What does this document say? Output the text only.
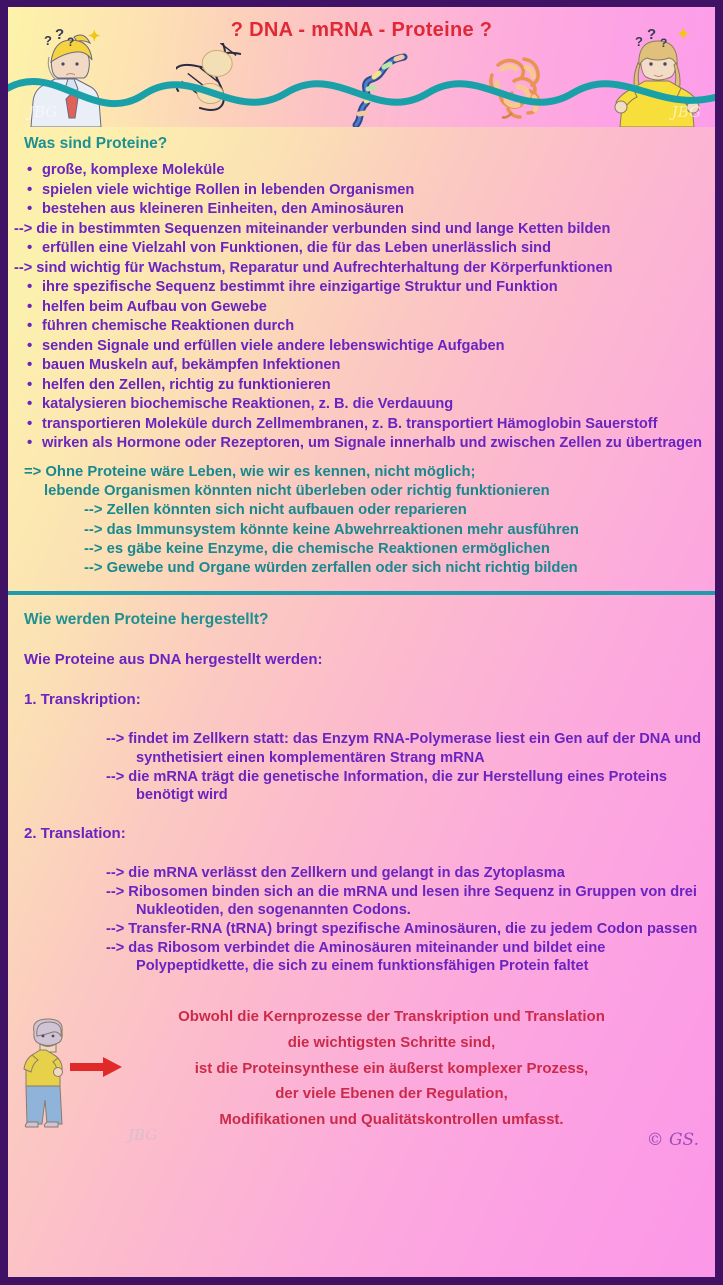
? DNA - mRNA - Proteine ?
? ? ? ✦	? ? ? ✦
JBG	JBG
Was sind Proteine?
• große, komplexe Moleküle
• spielen viele wichtige Rollen in lebenden Organismen
• bestehen aus kleineren Einheiten, den Aminosäuren
• --> die in bestimmten Sequenzen miteinander verbunden sind und lange Ketten bilden
• erfüllen eine Vielzahl von Funktionen, die für das Leben unerlässlich sind
• --> sind wichtig für Wachstum, Reparatur und Aufrechterhaltung der Körperfunktionen
• ihre spezifische Sequenz bestimmt ihre einzigartige Struktur und Funktion
• helfen beim Aufbau von Gewebe
• führen chemische Reaktionen durch
• senden Signale und erfüllen viele andere lebenswichtige Aufgaben
• bauen Muskeln auf, bekämpfen Infektionen
• helfen den Zellen, richtig zu funktionieren
• katalysieren biochemische Reaktionen, z. B. die Verdauung
• transportieren Moleküle durch Zellmembranen, z. B. transportiert Hämoglobin Sauerstoff
• wirken als Hormone oder Rezeptoren, um Signale innerhalb und zwischen Zellen zu übertragen
=> Ohne Proteine wäre Leben, wie wir es kennen, nicht möglich;
lebende Organismen könnten nicht überleben oder richtig funktionieren
--> Zellen könnten sich nicht aufbauen oder reparieren
--> das Immunsystem könnte keine Abwehrreaktionen mehr ausführen
--> es gäbe keine Enzyme, die chemische Reaktionen ermöglichen
--> Gewebe und Organe würden zerfallen oder sich nicht richtig bilden
Wie werden Proteine hergestellt?
Wie Proteine aus DNA hergestellt werden:
1. Transkription:
--> findet im Zellkern statt: das Enzym RNA-Polymerase liest ein Gen auf der DNA und synthetisiert einen komplementären Strang mRNA
--> die mRNA trägt die genetische Information, die zur Herstellung eines Proteins benötigt wird
2. Translation:
--> die mRNA verlässt den Zellkern und gelangt in das Zytoplasma
--> Ribosomen binden sich an die mRNA und lesen ihre Sequenz in Gruppen von drei Nukleotiden, den sogenannten Codons.
--> Transfer-RNA (tRNA) bringt spezifische Aminosäuren, die zu jedem Codon passen
--> das Ribosom verbindet die Aminosäuren miteinander und bildet eine Polypeptidkette, die sich zu einem funktionsfähigen Protein faltet
Obwohl die Kernprozesse der Transkription und Translation
die wichtigsten Schritte sind,
ist die Proteinsynthese ein äußerst komplexer Prozess,
der viele Ebenen der Regulation,
Modifikationen und Qualitätskontrollen umfasst.
JBG	© GS.
